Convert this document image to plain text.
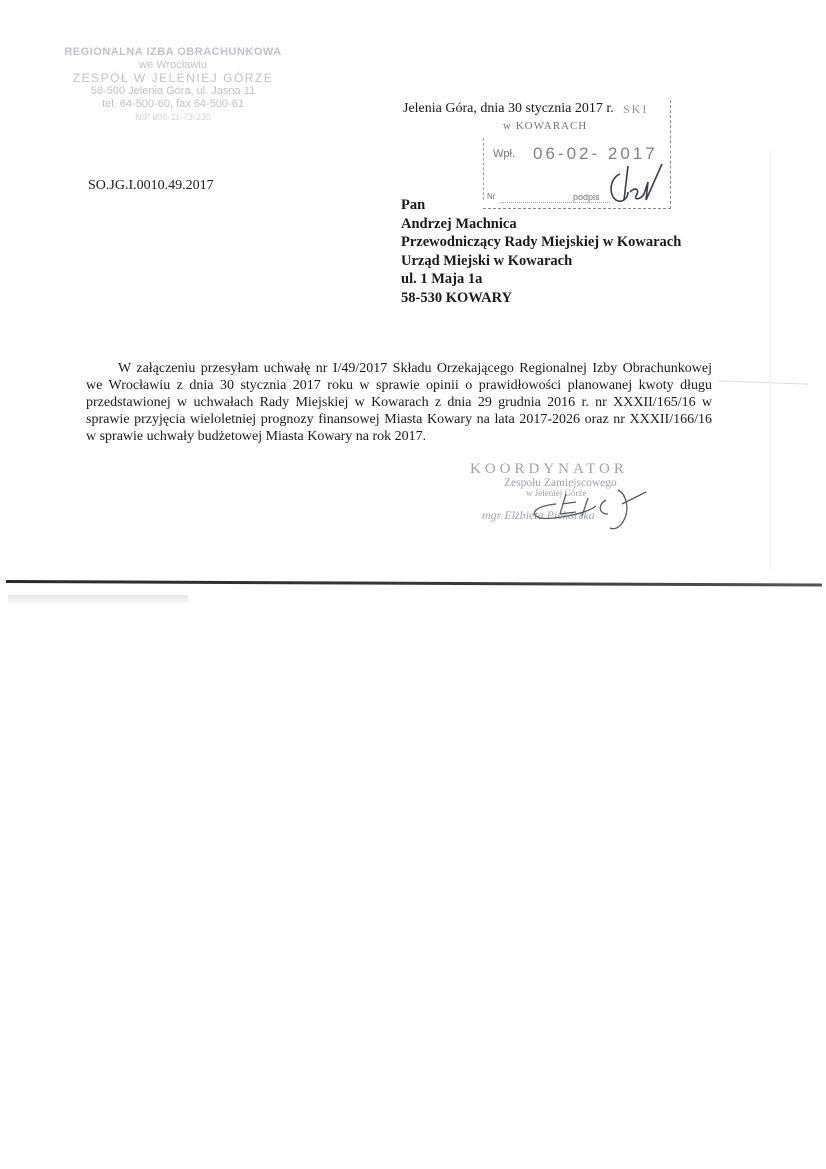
REGIONALNA IZBA OBRACHUNKOWA
we Wrocławiu
ZESPÓŁ W JELENIEJ GÓRZE
58-500 Jelenia Góra, ul. Jasna 11
tel. 64-500-60, fax 64-500-61
NIP 896-11-73-230
SKI
w KOWARACH
Wpł. 06-02- 2017
Nr	podpis
Jelenia Góra, dnia 30 stycznia 2017 r.
SO.JG.I.0010.49.2017
Pan
Andrzej Machnica
Przewodniczący Rady Miejskiej w Kowarach
Urząd Miejski w Kowarach
ul. 1 Maja 1a
58-530 KOWARY

W załączeniu przesyłam uchwałę nr I/49/2017 Składu Orzekającego Regionalnej Izby Obrachunkowej we Wrocławiu z dnia 30 stycznia 2017 roku w sprawie opinii o prawidłowości planowanej kwoty długu przedstawionej w uchwałach Rady Miejskiej w Kowarach z dnia 29 grudnia 2016 r. nr XXXII/165/16 w sprawie przyjęcia wieloletniej prognozy finansowej Miasta Kowary na lata 2017-2026 oraz nr XXXII/166/16 w sprawie uchwały budżetowej Miasta Kowary na rok 2017.

KOORDYNATOR
Zespołu Zamiejscowego
w Jeleniej Górze
mgr Elżbieta Piekarska
